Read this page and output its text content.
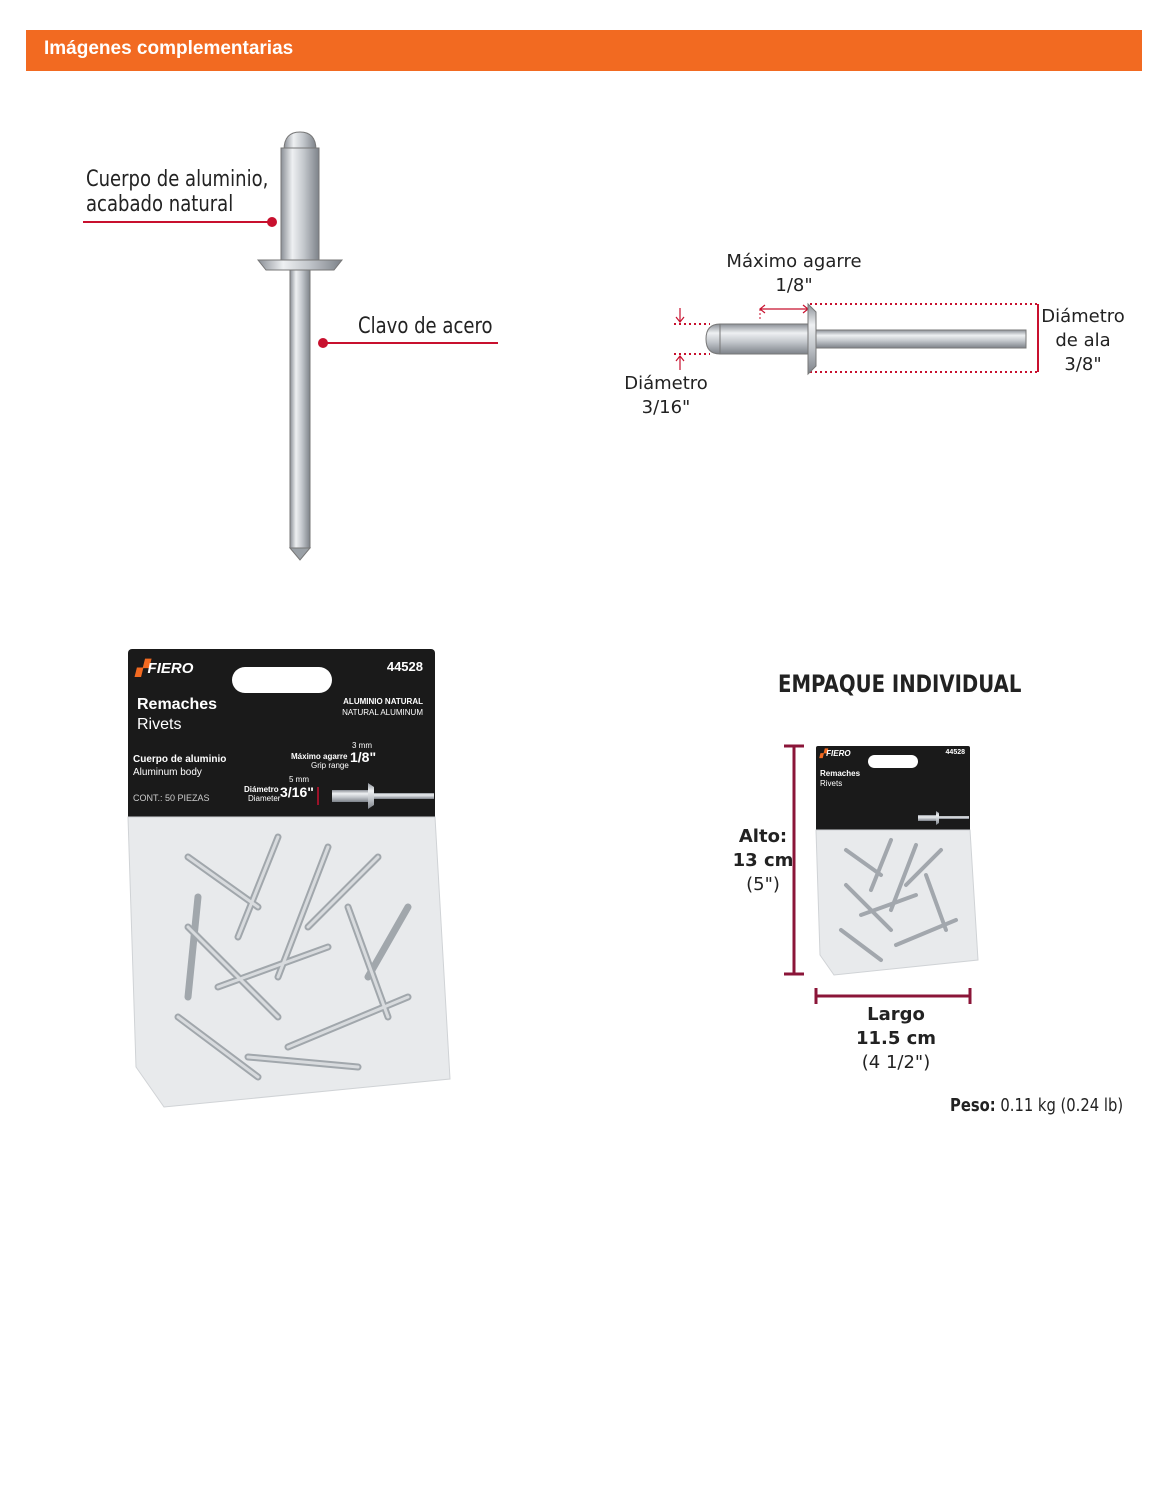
Imágenes complementarias
Cuerpo de aluminio,
acabado natural
Clavo de acero
Máximo agarre
1/8"
Diámetro
de ala
3/8"
Diámetro
3/16"
▞FIERO	44528
Remaches
Rivets
ALUMINIO NATURAL
NATURAL ALUMINUM
Cuerpo de aluminio
Aluminum body
CONT.: 50 PIEZAS
3 mm
Máximo agarre
Grip range
1/8"
5 mm
Diámetro
Diameter 3/16"
EMPAQUE INDIVIDUAL
▞FIERO	44528
Remaches
Rivets
Alto:
13 cm
(5")
Largo
11.5 cm
(4 1/2")
Peso: 0.11 kg (0.24 lb)
